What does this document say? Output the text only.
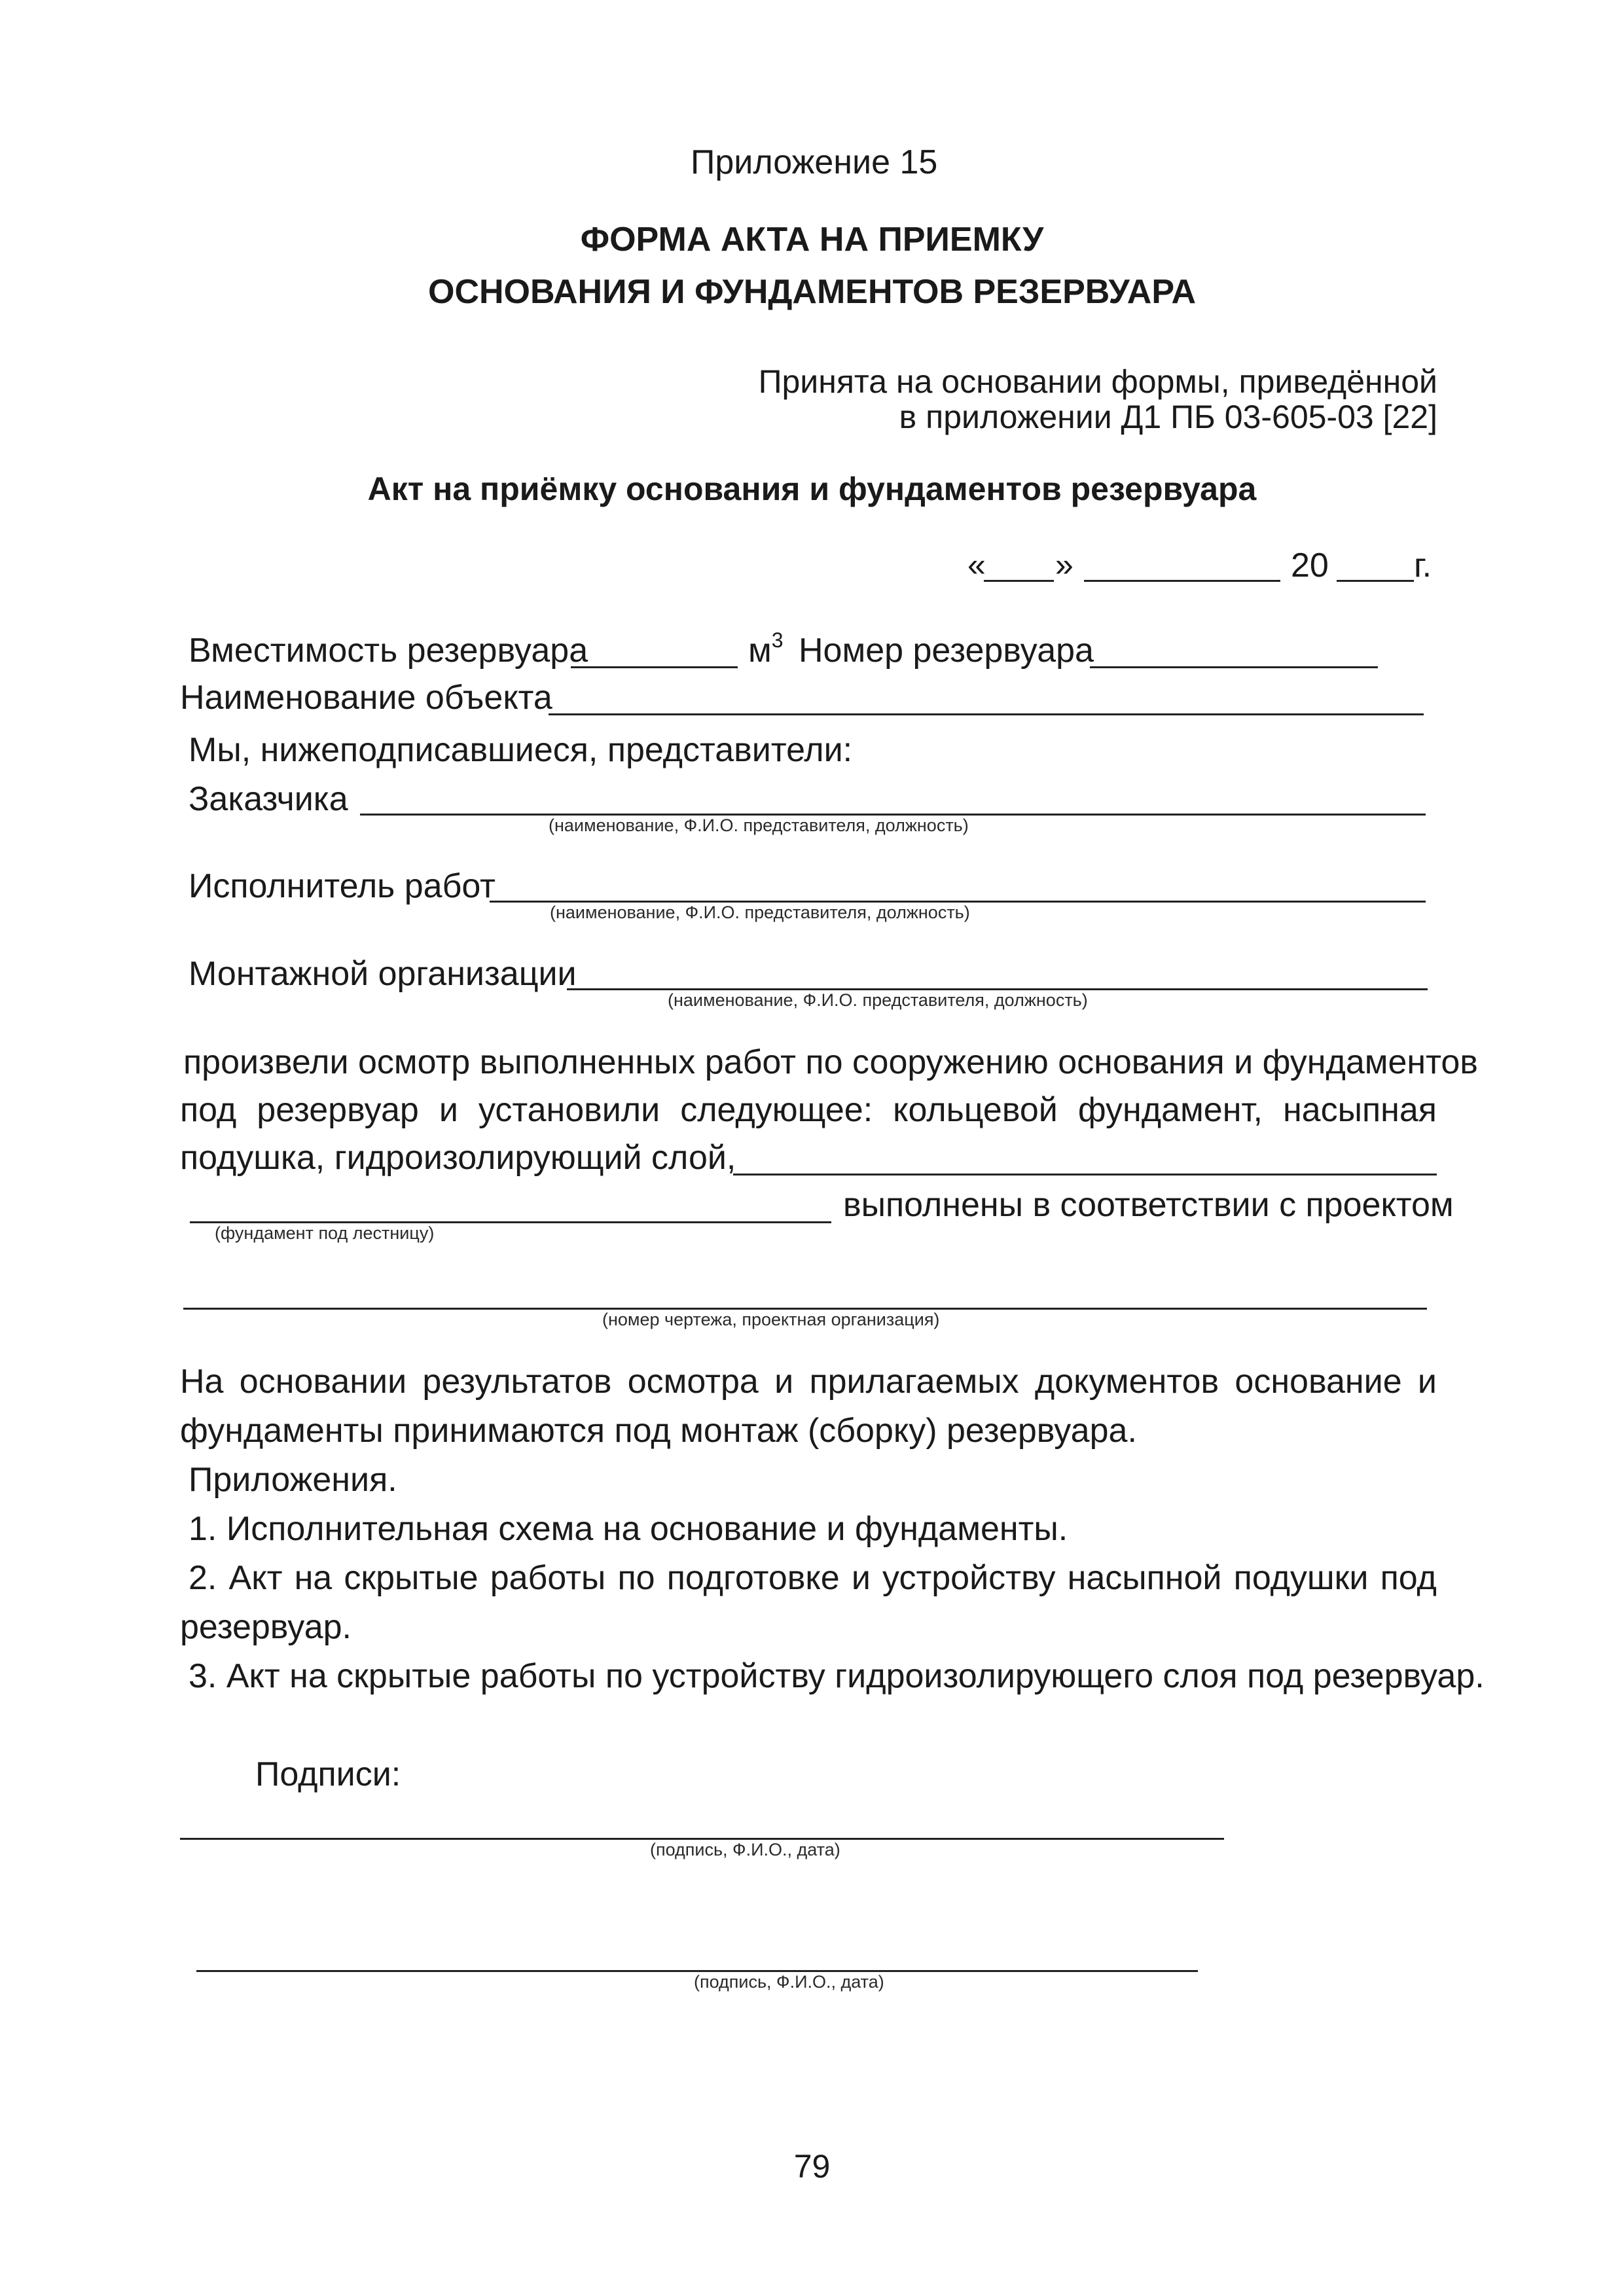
Приложение 15
ФОРМА АКТА НА ПРИЕМКУ
ОСНОВАНИЯ И ФУНДАМЕНТОВ РЕЗЕРВУАРА
Принята на основании формы, приведённой
в приложении Д1 ПБ 03-605-03 [22]
Акт на приёмку основания и фундаментов резервуара
« »	20	г.
Вместимость резервуара	$м^3$ Номер резервуара
Наименование объекта
Мы, нижеподписавшиеся, представители:
Заказчика
(наименование, Ф.И.О. представителя, должность)
Исполнитель работ
(наименование, Ф.И.О. представителя, должность)
Монтажной организации
(наименование, Ф.И.О. представителя, должность)
произвели осмотр выполненных работ по сооружению основания и фундаментов
под резервуар и установили следующее: кольцевой фундамент, насыпная
подушка, гидроизолирующий слой,
выполнены в соответствии с проектом
(фундамент под лестницу)
(номер чертежа, проектная организация)
На основании результатов осмотра и прилагаемых документов основание и
фундаменты принимаются под монтаж (сборку) резервуара.
Приложения.
1. Исполнительная схема на основание и фундаменты.
2. Акт на скрытые работы по подготовке и устройству насыпной подушки под
резервуар.
3. Акт на скрытые работы по устройству гидроизолирующего слоя под резервуар.
Подписи:
(подпись, Ф.И.О., дата)
(подпись, Ф.И.О., дата)
79
